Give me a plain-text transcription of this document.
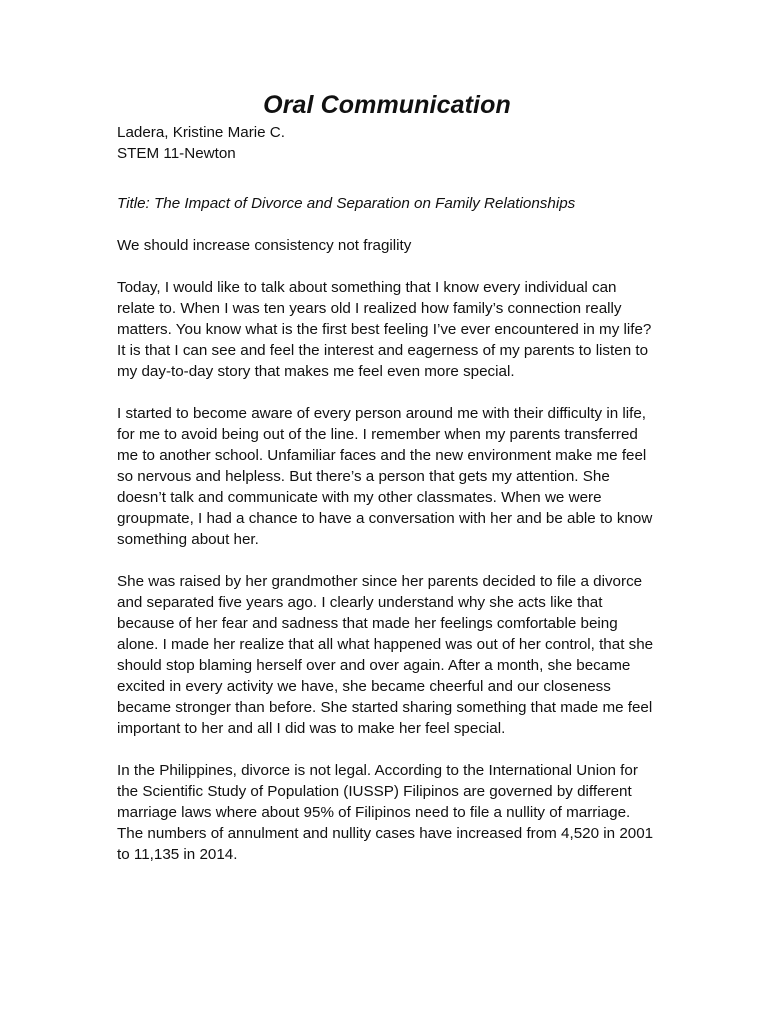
Oral Communication

Ladera, Kristine Marie C.

STEM 11-Newton

Title: The Impact of Divorce and Separation on Family Relationships

We should increase consistency not fragility

Today, I would like to talk about something that I know every individual can relate to. When I was ten years old I realized how family’s connection really matters. You know what is the first best feeling I’ve ever encountered in my life? It is that I can see and feel the interest and eagerness of my parents to listen to my day-to-day story that makes me feel even more special.

I started to become aware of every person around me with their difficulty in life, for me to avoid being out of the line. I remember when my parents transferred me to another school. Unfamiliar faces and the new environment make me feel so nervous and helpless. But there’s a person that gets my attention. She doesn’t talk and communicate with my other classmates. When we were groupmate, I had a chance to have a conversation with her and be able to know something about her.

She was raised by her grandmother since her parents decided to file a divorce and separated five years ago. I clearly understand why she acts like that because of her fear and sadness that made her feelings comfortable being alone. I made her realize that all what happened was out of her control, that she should stop blaming herself over and over again. After a month, she became excited in every activity we have, she became cheerful and our closeness became stronger than before. She started sharing something that made me feel important to her and all I did was to make her feel special.

In the Philippines, divorce is not legal. According to the International Union for the Scientific Study of Population (IUSSP) Filipinos are governed by different marriage laws where about 95% of Filipinos need to file a nullity of marriage. The numbers of annulment and nullity cases have increased from 4,520 in 2001 to 11,135 in 2014.
